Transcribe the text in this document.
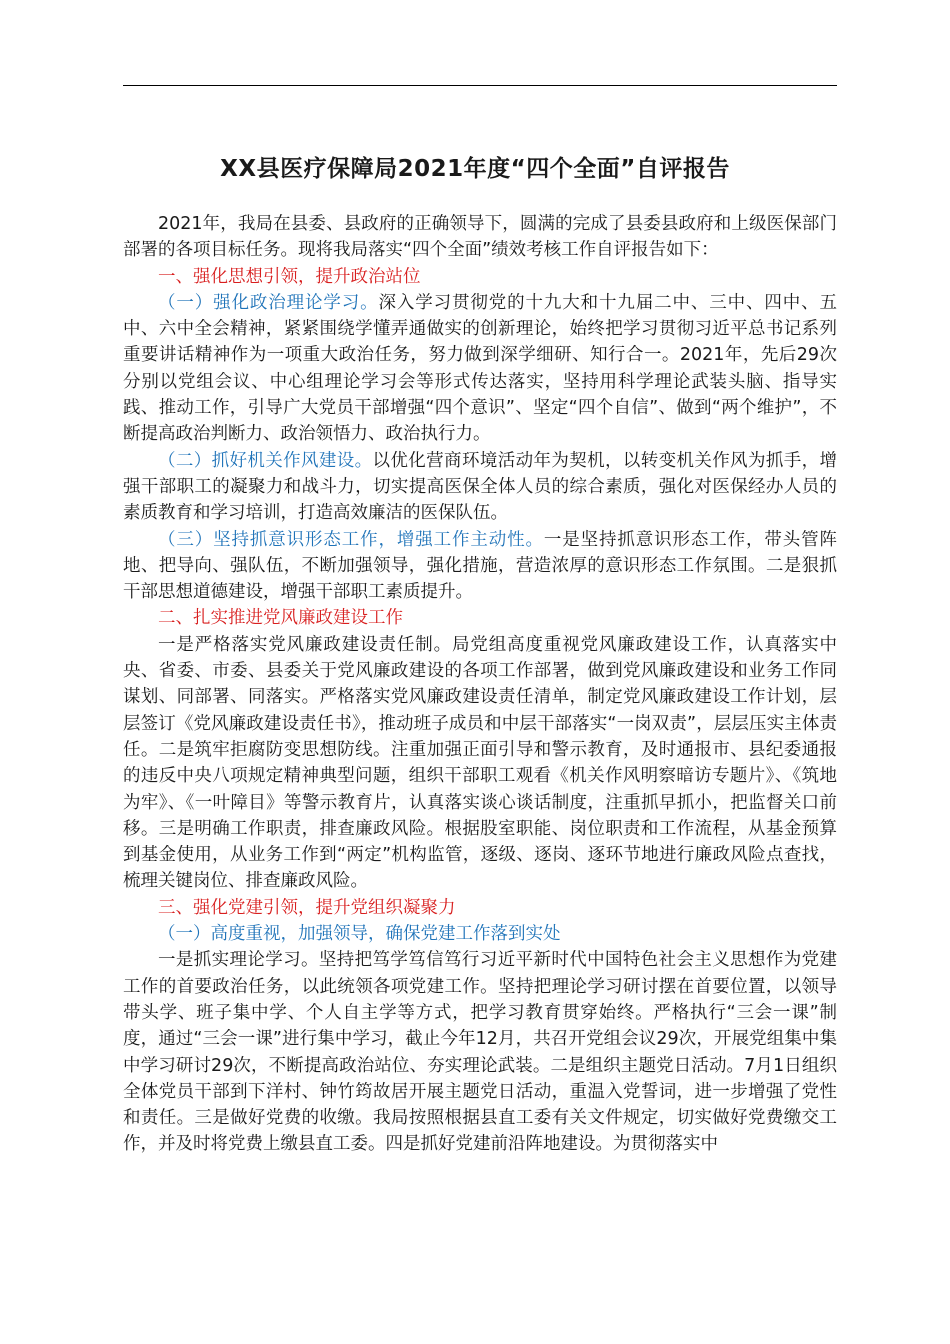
XX县医疗保障局2021年度“四个全面”自评报告

2021年，我局在县委、县政府的正确领导下，圆满的完成了县委县政府和上级医保部门部署的各项目标任务。现将我局落实“四个全面”绩效考核工作自评报告如下：

一、强化思想引领，提升政治站位

（一）强化政治理论学习。深入学习贯彻党的十九大和十九届二中、三中、四中、五中、六中全会精神，紧紧围绕学懂弄通做实的创新理论，始终把学习贯彻习近平总书记系列重要讲话精神作为一项重大政治任务，努力做到深学细研、知行合一。2021年，先后29次分别以党组会议、中心组理论学习会等形式传达落实，坚持用科学理论武装头脑、指导实践、推动工作，引导广大党员干部增强“四个意识”、坚定“四个自信”、做到“两个维护”，不断提高政治判断力、政治领悟力、政治执行力。

（二）抓好机关作风建设。以优化营商环境活动年为契机，以转变机关作风为抓手，增强干部职工的凝聚力和战斗力，切实提高医保全体人员的综合素质，强化对医保经办人员的素质教育和学习培训，打造高效廉洁的医保队伍。

（三）坚持抓意识形态工作，增强工作主动性。一是坚持抓意识形态工作，带头管阵地、把导向、强队伍，不断加强领导，强化措施，营造浓厚的意识形态工作氛围。二是狠抓干部思想道德建设，增强干部职工素质提升。

二、扎实推进党风廉政建设工作

一是严格落实党风廉政建设责任制。局党组高度重视党风廉政建设工作，认真落实中央、省委、市委、县委关于党风廉政建设的各项工作部署，做到党风廉政建设和业务工作同谋划、同部署、同落实。严格落实党风廉政建设责任清单，制定党风廉政建设工作计划，层层签订《党风廉政建设责任书》，推动班子成员和中层干部落实“一岗双责”，层层压实主体责任。二是筑牢拒腐防变思想防线。注重加强正面引导和警示教育，及时通报市、县纪委通报的违反中央八项规定精神典型问题，组织干部职工观看《机关作风明察暗访专题片》、《筑地为牢》、《一叶障目》等警示教育片，认真落实谈心谈话制度，注重抓早抓小，把监督关口前移。三是明确工作职责，排查廉政风险。根据股室职能、岗位职责和工作流程，从基金预算到基金使用，从业务工作到“两定”机构监管，逐级、逐岗、逐环节地进行廉政风险点查找，梳理关键岗位、排查廉政风险。

三、强化党建引领，提升党组织凝聚力

（一）高度重视，加强领导，确保党建工作落到实处

一是抓实理论学习。坚持把笃学笃信笃行习近平新时代中国特色社会主义思想作为党建工作的首要政治任务，以此统领各项党建工作。坚持把理论学习研讨摆在首要位置，以领导带头学、班子集中学、个人自主学等方式，把学习教育贯穿始终。严格执行“三会一课”制度，通过“三会一课”进行集中学习，截止今年12月，共召开党组会议29次，开展党组集中集中学习研讨29次，不断提高政治站位、夯实理论武装。二是组织主题党日活动。7月1日组织全体党员干部到下洋村、钟竹筠故居开展主题党日活动，重温入党誓词，进一步增强了党性和责任。三是做好党费的收缴。我局按照根据县直工委有关文件规定，切实做好党费缴交工作，并及时将党费上缴县直工委。四是抓好党建前沿阵地建设。为贯彻落实中
